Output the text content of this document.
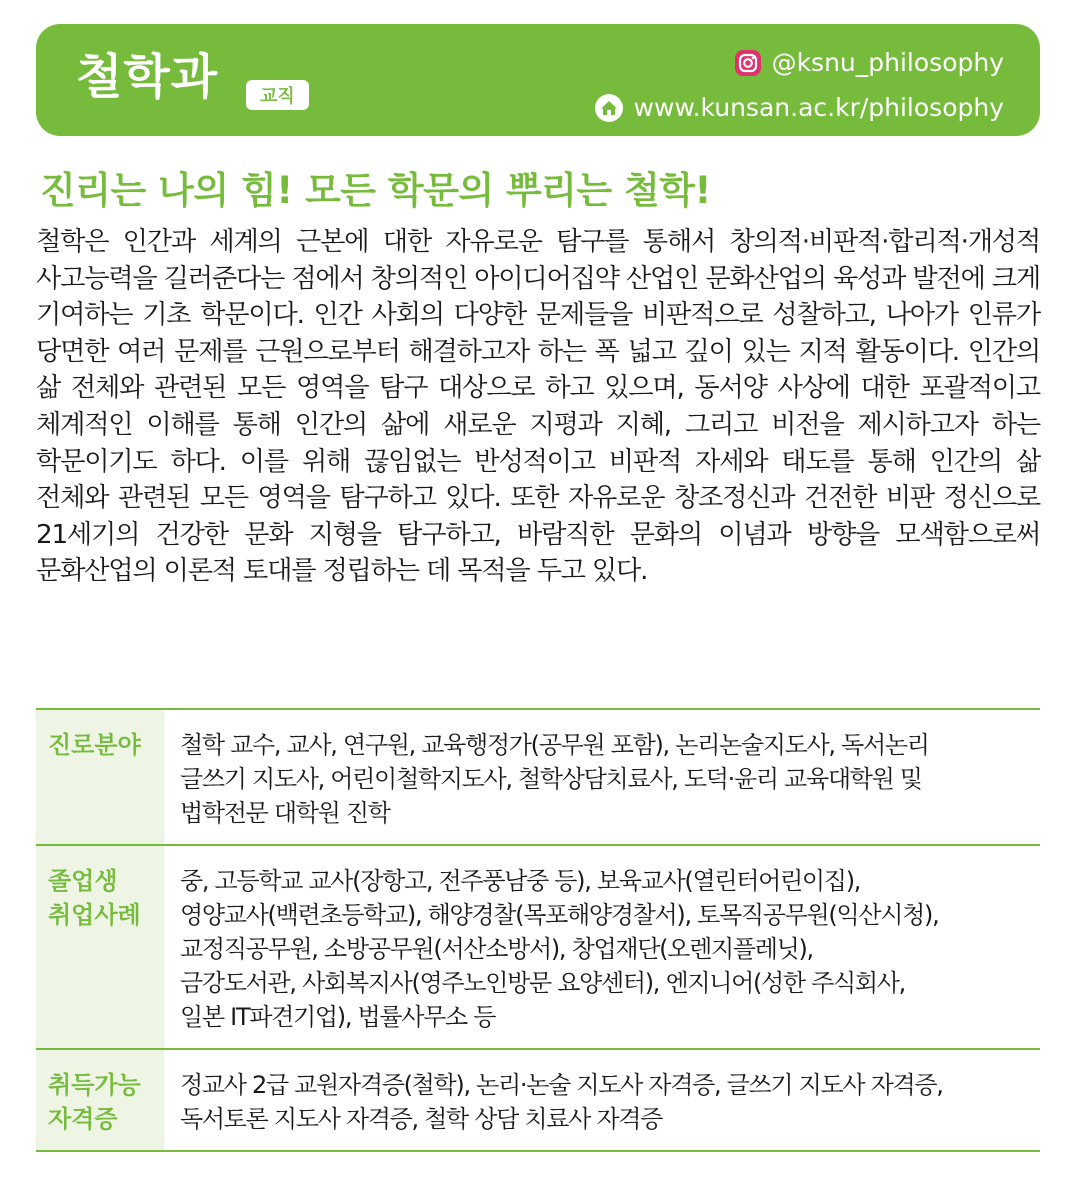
철학과	교직
@ksnu_philosophy
www.kunsan.ac.kr/philosophy
진리는 나의 힘! 모든 학문의 뿌리는 철학!
철학은 인간과 세계의 근본에 대한 자유로운 탐구를 통해서 창의적·비판적·합리적·개성적 사고능력을 길러준다는 점에서 창의적인 아이디어집약 산업인 문화산업의 육성과 발전에 크게 기여하는 기초 학문이다. 인간 사회의 다양한 문제들을 비판적으로 성찰하고, 나아가 인류가 당면한 여러 문제를 근원으로부터 해결하고자 하는 폭 넓고 깊이 있는 지적 활동이다. 인간의 삶 전체와 관련된 모든 영역을 탐구 대상으로 하고 있으며, 동서양 사상에 대한 포괄적이고 체계적인 이해를 통해 인간의 삶에 새로운 지평과 지혜, 그리고 비전을 제시하고자 하는 학문이기도 하다. 이를 위해 끊임없는 반성적이고 비판적 자세와 태도를 통해 인간의 삶 전체와 관련된 모든 영역을 탐구하고 있다. 또한 자유로운 창조정신과 건전한 비판 정신으로 21세기의 건강한 문화 지형을 탐구하고, 바람직한 문화의 이념과 방향을 모색함으로써 문화산업의 이론적 토대를 정립하는 데 목적을 두고 있다.
진로분야	철학 교수, 교사, 연구원, 교육행정가(공무원 포함), 논리논술지도사, 독서논리
글쓰기 지도사, 어린이철학지도사, 철학상담치료사, 도덕·윤리 교육대학원 및
법학전문 대학원 진학

졸업생
취업사례	중, 고등학교 교사(장항고, 전주풍남중 등), 보육교사(열린터어린이집),
영양교사(백련초등학교), 해양경찰(목포해양경찰서), 토목직공무원(익산시청),
교정직공무원, 소방공무원(서산소방서), 창업재단(오렌지플레닛),
금강도서관, 사회복지사(영주노인방문 요양센터), 엔지니어(성한 주식회사,
일본 IT파견기업), 법률사무소 등

취득가능
자격증	정교사 2급 교원자격증(철학), 논리·논술 지도사 자격증, 글쓰기 지도사 자격증,
독서토론 지도사 자격증, 철학 상담 치료사 자격증
